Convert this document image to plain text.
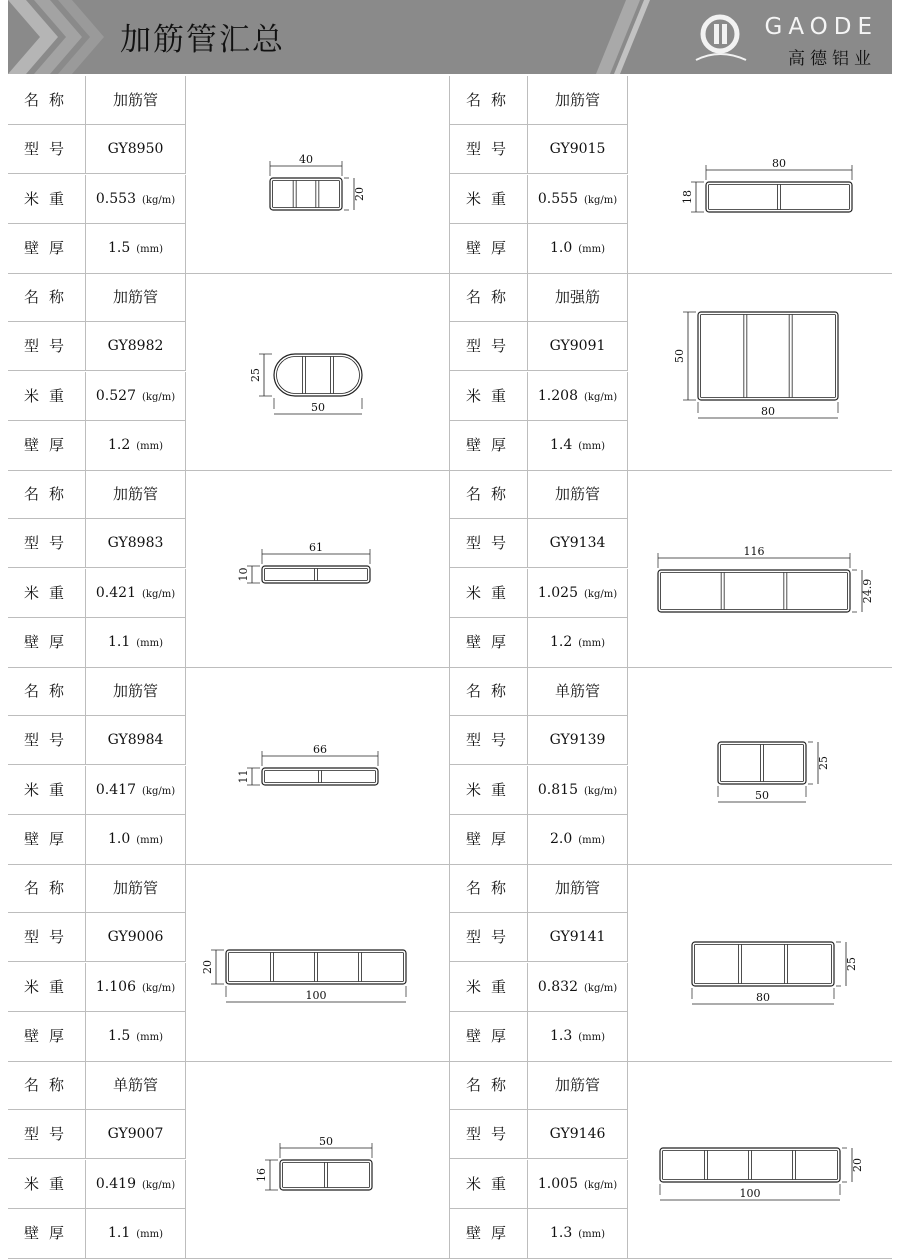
加筋管汇总	GAODE
高德铝业
名称	加筋管
型号	GY8950
米重	0.553 (kg/m)
壁厚	1.5 (mm)
40
20
名称	加筋管
型号	GY9015
米重	0.555 (kg/m)
壁厚	1.0 (mm)
80
18
名称	加筋管
型号	GY8982
米重	0.527 (kg/m)
壁厚	1.2 (mm)
50
25
名称	加强筋
型号	GY9091
米重	1.208 (kg/m)
壁厚	1.4 (mm)
80
50
名称	加筋管
型号	GY8983
米重	0.421 (kg/m)
壁厚	1.1 (mm)
61
10
名称	加筋管
型号	GY9134
米重	1.025 (kg/m)
壁厚	1.2 (mm)
116
24.9
名称	加筋管
型号	GY8984
米重	0.417 (kg/m)
壁厚	1.0 (mm)
66
11
名称	单筋管
型号	GY9139
米重	0.815 (kg/m)
壁厚	2.0 (mm)
50
25
名称	加筋管
型号	GY9006
米重	1.106 (kg/m)
壁厚	1.5 (mm)
100
20
名称	加筋管
型号	GY9141
米重	0.832 (kg/m)
壁厚	1.3 (mm)
80
25
名称	单筋管
型号	GY9007
米重	0.419 (kg/m)
壁厚	1.1 (mm)
50
16
名称	加筋管
型号	GY9146
米重	1.005 (kg/m)
壁厚	1.3 (mm)
100
20
